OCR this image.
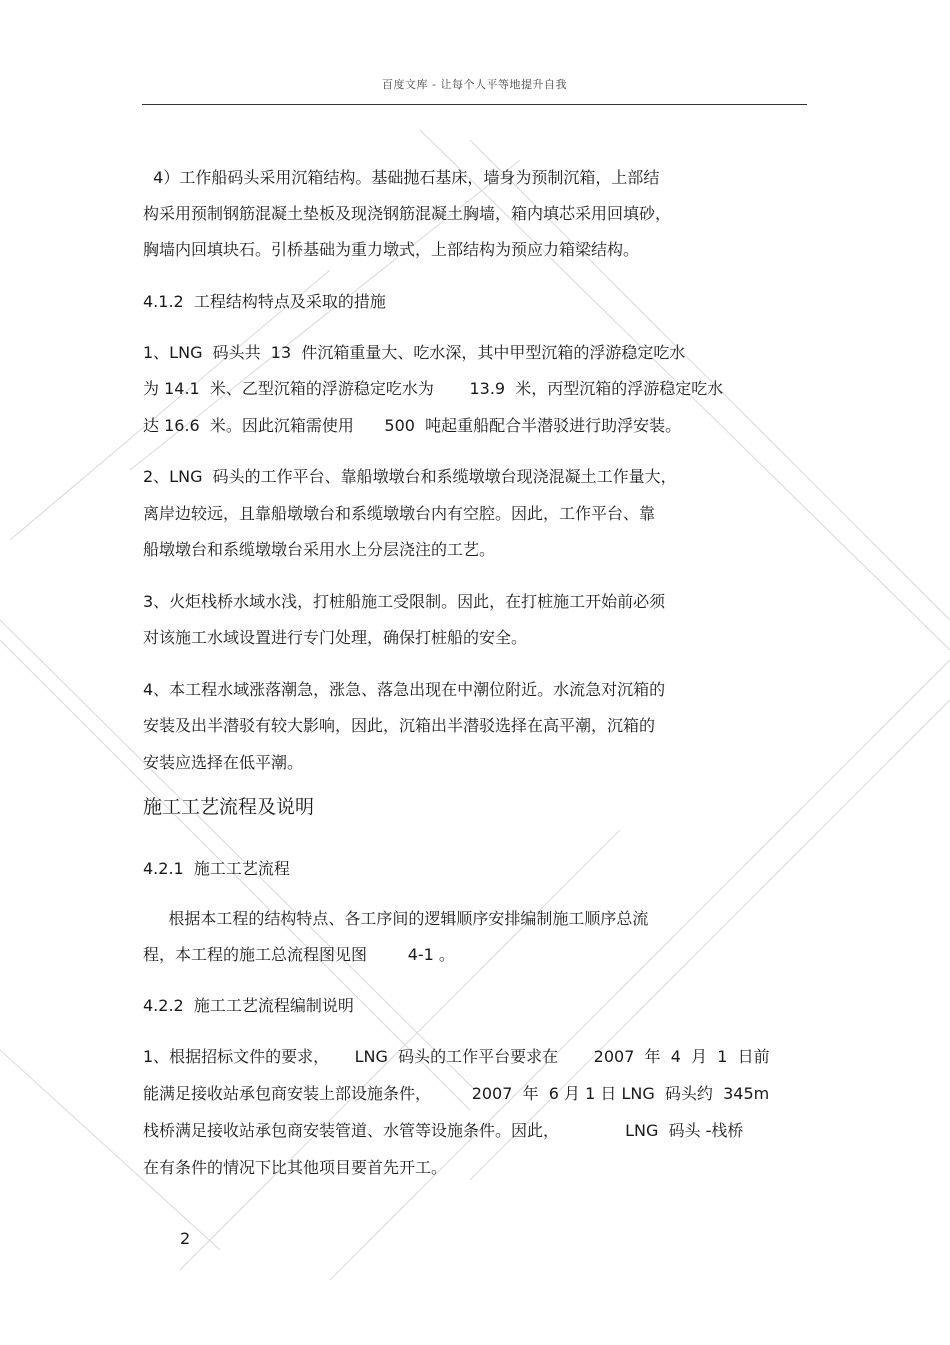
百度文库 - 让每个人平等地提升自我
4）工作船码头采用沉箱结构。基础抛石基床，墙身为预制沉箱，上部结
构采用预制钢筋混凝土垫板及现浇钢筋混凝土胸墙，箱内填芯采用回填砂，
胸墙内回填块石。引桥基础为重力墩式，上部结构为预应力箱梁结构。
4.1.2  工程结构特点及采取的措施
1、LNG  码头共  13  件沉箱重量大、吃水深，其中甲型沉箱的浮游稳定吃水
为 14.1  米、乙型沉箱的浮游稳定吃水为       13.9  米，丙型沉箱的浮游稳定吃水
达 16.6  米。因此沉箱需使用      500  吨起重船配合半潜驳进行助浮安装。
2、LNG  码头的工作平台、靠船墩墩台和系缆墩墩台现浇混凝土工作量大，
离岸边较远，且靠船墩墩台和系缆墩墩台内有空腔。因此，工作平台、靠
船墩墩台和系缆墩墩台采用水上分层浇注的工艺。
3、火炬栈桥水域水浅，打桩船施工受限制。因此，在打桩施工开始前必须
对该施工水域设置进行专门处理，确保打桩船的安全。
4、本工程水域涨落潮急，涨急、落急出现在中潮位附近。水流急对沉箱的
安装及出半潜驳有较大影响，因此，沉箱出半潜驳选择在高平潮，沉箱的
安装应选择在低平潮。
施工工艺流程及说明
4.2.1  施工工艺流程
根据本工程的结构特点、各工序间的逻辑顺序安排编制施工顺序总流
程，本工程的施工总流程图见图        4-1 。
4.2.2  施工工艺流程编制说明
1、根据招标文件的要求，     LNG  码头的工作平台要求在       2007  年  4  月  1  日前
能满足接收站承包商安装上部设施条件，        2007  年  6 月 1 日 LNG  码头约  345m
栈桥满足接收站承包商安装管道、水管等设施条件。因此，             LNG  码头 -栈桥
在有条件的情况下比其他项目要首先开工。
2
